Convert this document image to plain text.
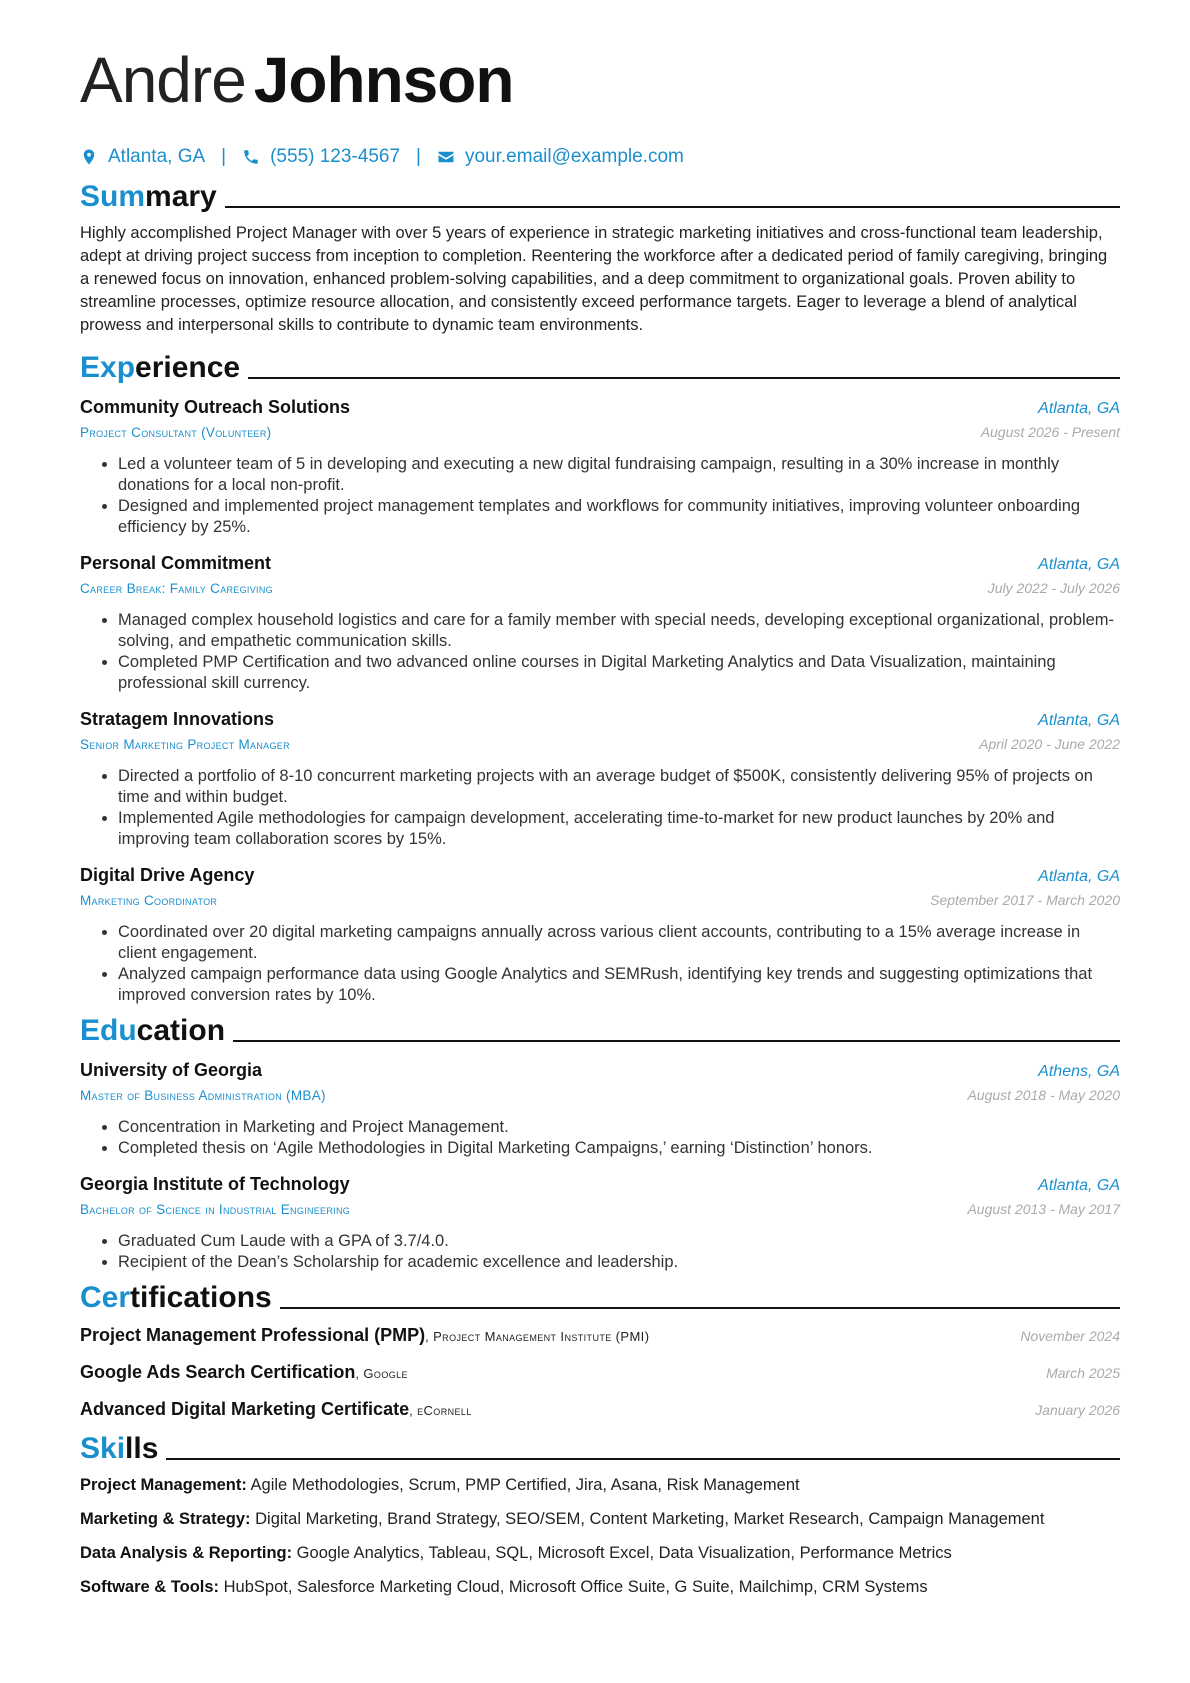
Andre Johnson
Atlanta, GA | (555) 123-4567 | your.email@example.com
Summary
Highly accomplished Project Manager with over 5 years of experience in strategic marketing initiatives and cross-functional team leadership, adept at driving project success from inception to completion. Reentering the workforce after a dedicated period of family caregiving, bringing a renewed focus on innovation, enhanced problem-solving capabilities, and a deep commitment to organizational goals. Proven ability to streamline processes, optimize resource allocation, and consistently exceed performance targets. Eager to leverage a blend of analytical prowess and interpersonal skills to contribute to dynamic team environments.
Experience
Community Outreach Solutions	Atlanta, GA
Project Consultant (Volunteer)	August 2026 - Present
• Led a volunteer team of 5 in developing and executing a new digital fundraising campaign, resulting in a 30% increase in monthly donations for a local non-profit.
• Designed and implemented project management templates and workflows for community initiatives, improving volunteer onboarding efficiency by 25%.
Personal Commitment	Atlanta, GA
Career Break: Family Caregiving	July 2022 - July 2026
• Managed complex household logistics and care for a family member with special needs, developing exceptional organizational, problem-solving, and empathetic communication skills.
• Completed PMP Certification and two advanced online courses in Digital Marketing Analytics and Data Visualization, maintaining professional skill currency.
Stratagem Innovations	Atlanta, GA
Senior Marketing Project Manager	April 2020 - June 2022
• Directed a portfolio of 8-10 concurrent marketing projects with an average budget of $500K, consistently delivering 95% of projects on time and within budget.
• Implemented Agile methodologies for campaign development, accelerating time-to-market for new product launches by 20% and improving team collaboration scores by 15%.
Digital Drive Agency	Atlanta, GA
Marketing Coordinator	September 2017 - March 2020
• Coordinated over 20 digital marketing campaigns annually across various client accounts, contributing to a 15% average increase in client engagement.
• Analyzed campaign performance data using Google Analytics and SEMRush, identifying key trends and suggesting optimizations that improved conversion rates by 10%.
Education
University of Georgia	Athens, GA
Master of Business Administration (MBA)	August 2018 - May 2020
• Concentration in Marketing and Project Management.
• Completed thesis on ‘Agile Methodologies in Digital Marketing Campaigns,’ earning ‘Distinction’ honors.
Georgia Institute of Technology	Atlanta, GA
Bachelor of Science in Industrial Engineering	August 2013 - May 2017
• Graduated Cum Laude with a GPA of 3.7/4.0.
• Recipient of the Dean’s Scholarship for academic excellence and leadership.
Certifications
Project Management Professional (PMP), Project Management Institute (PMI)	November 2024
Google Ads Search Certification, Google	March 2025
Advanced Digital Marketing Certificate, eCornell	January 2026
Skills
Project Management: Agile Methodologies, Scrum, PMP Certified, Jira, Asana, Risk Management
Marketing & Strategy: Digital Marketing, Brand Strategy, SEO/SEM, Content Marketing, Market Research, Campaign Management
Data Analysis & Reporting: Google Analytics, Tableau, SQL, Microsoft Excel, Data Visualization, Performance Metrics
Software & Tools: HubSpot, Salesforce Marketing Cloud, Microsoft Office Suite, G Suite, Mailchimp, CRM Systems
